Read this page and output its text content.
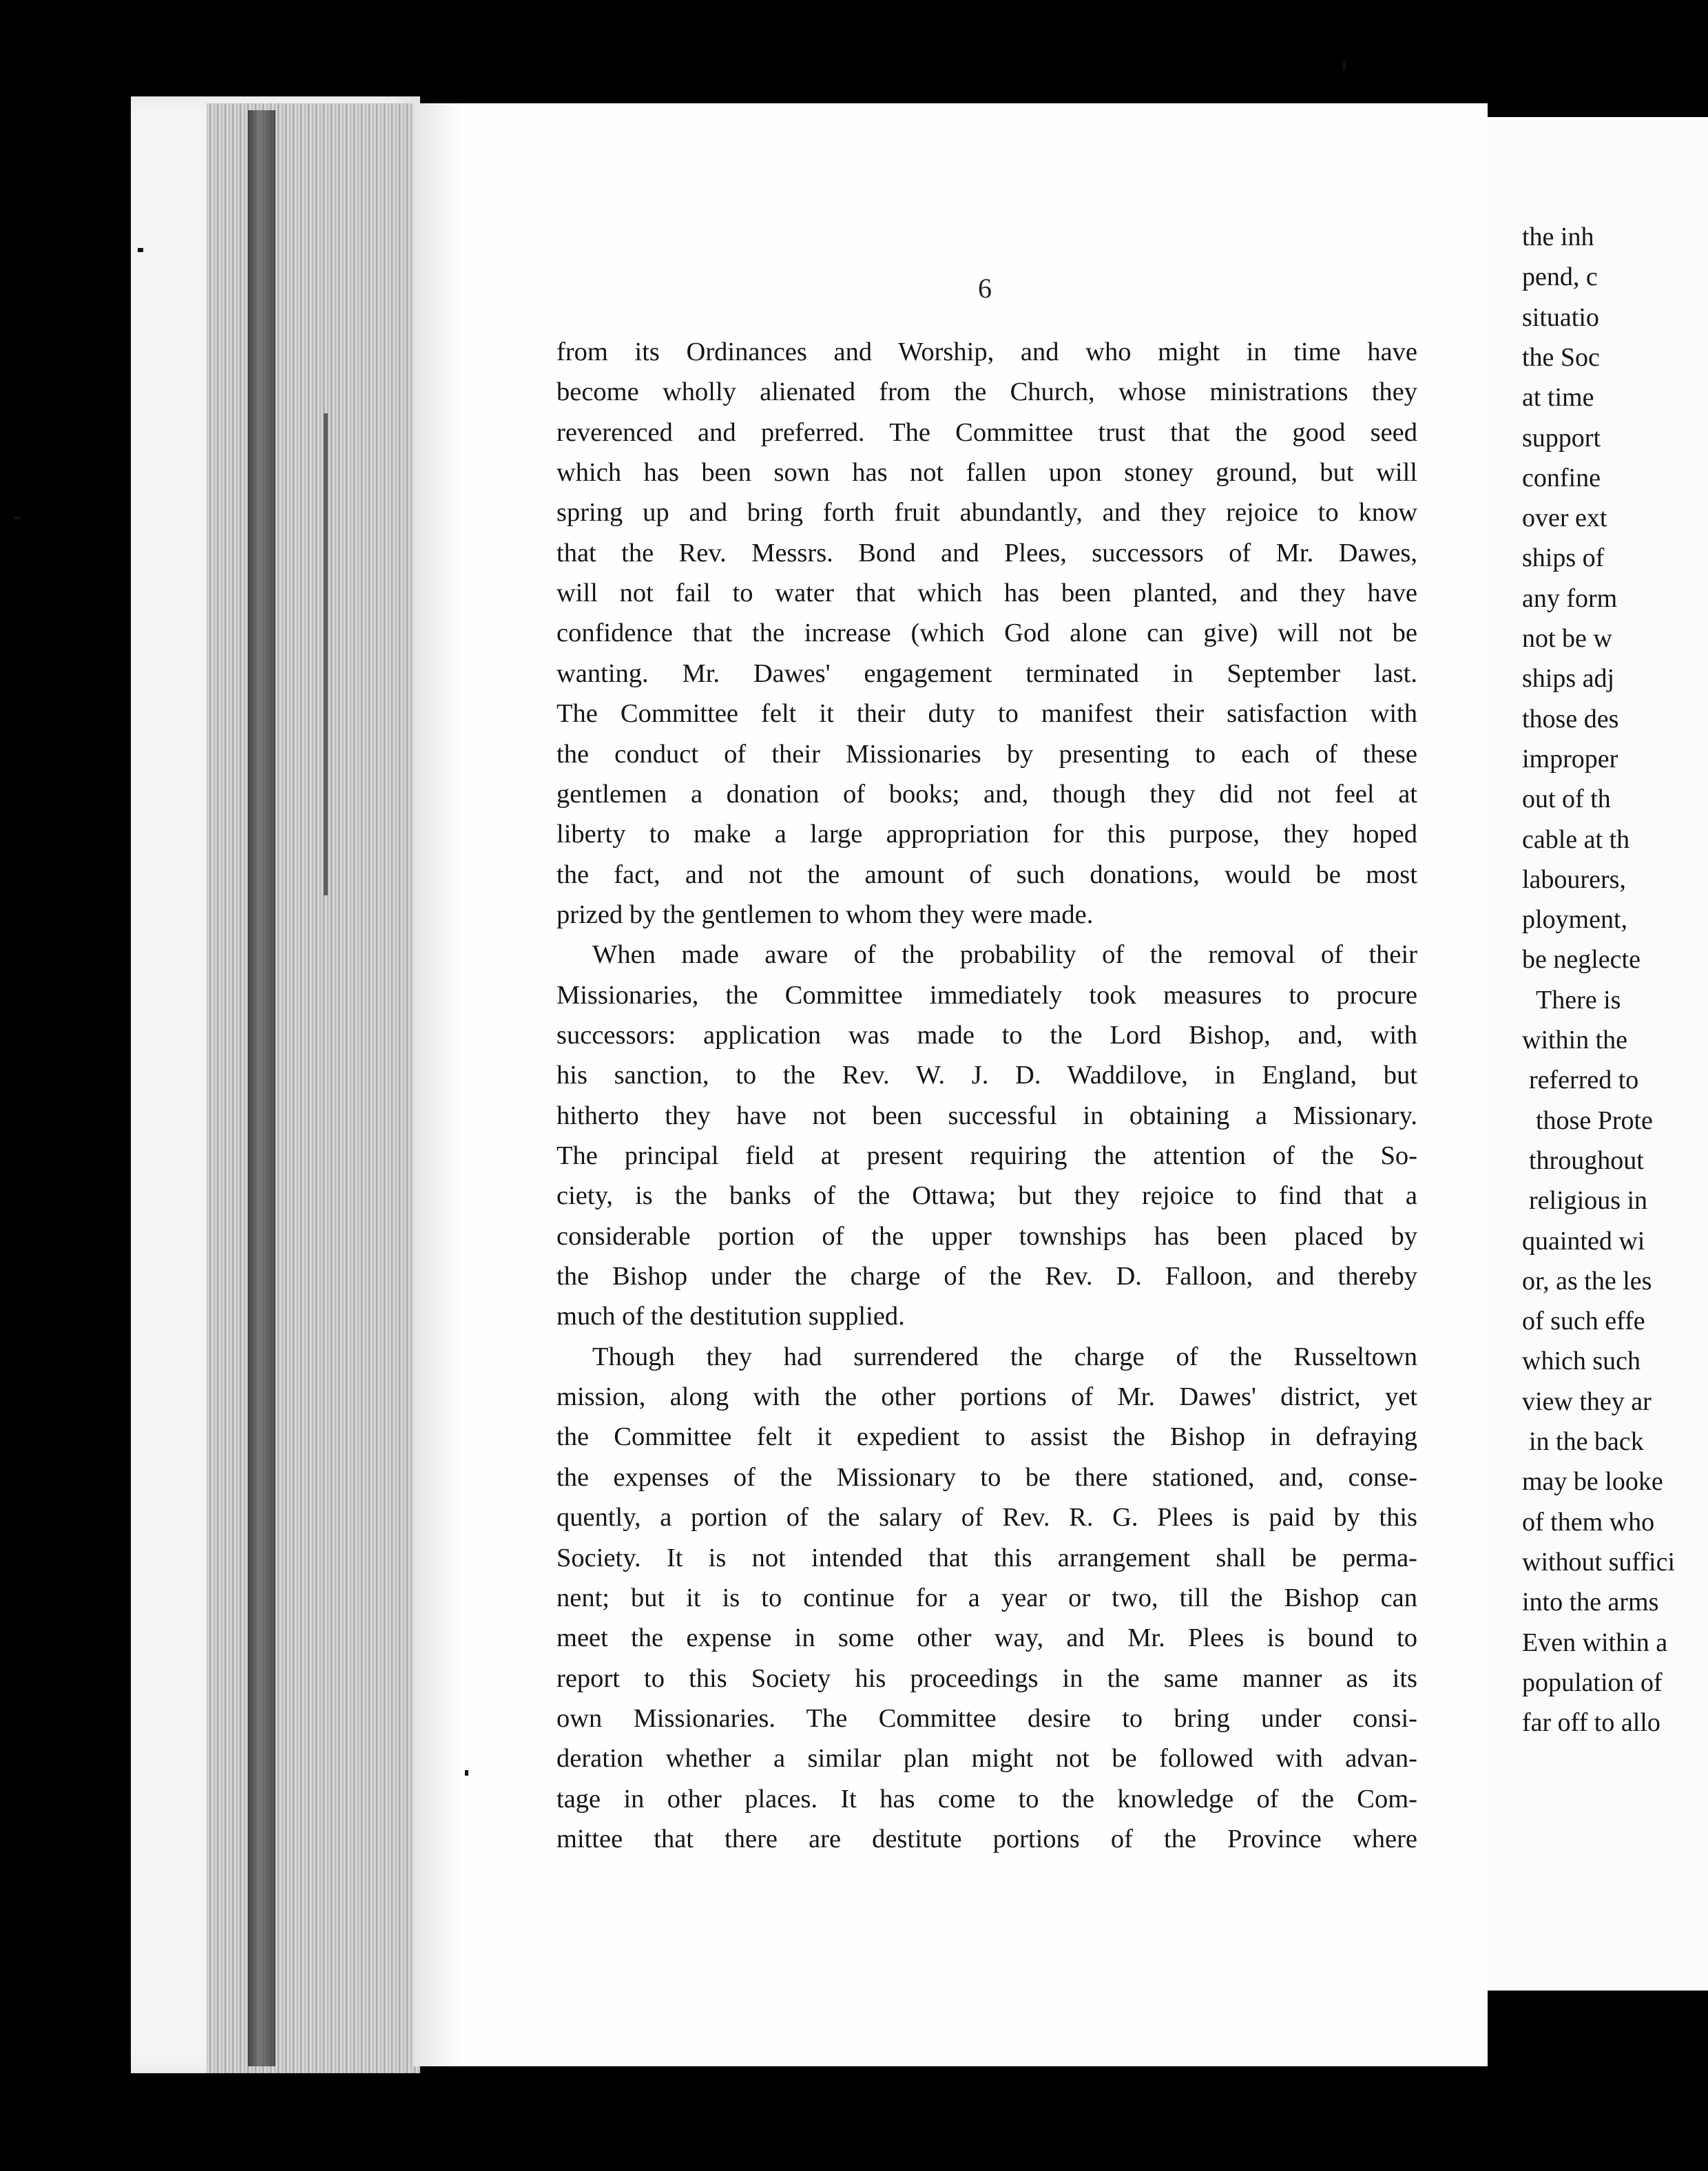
6

from its Ordinances and Worship, and who might in time have

become wholly alienated from the Church, whose ministrations they

reverenced and preferred. The Committee trust that the good seed

which has been sown has not fallen upon stoney ground, but will

spring up and bring forth fruit abundantly, and they rejoice to know

that the Rev. Messrs. Bond and Plees, successors of Mr. Dawes,

will not fail to water that which has been planted, and they have

confidence that the increase (which God alone can give) will not be

wanting. Mr. Dawes' engagement terminated in September last.

The Committee felt it their duty to manifest their satisfaction with

the conduct of their Missionaries by presenting to each of these

gentlemen a donation of books; and, though they did not feel at

liberty to make a large appropriation for this purpose, they hoped

the fact, and not the amount of such donations, would be most

prized by the gentlemen to whom they were made.

When made aware of the probability of the removal of their

Missionaries, the Committee immediately took measures to procure

successors: application was made to the Lord Bishop, and, with

his sanction, to the Rev. W. J. D. Waddilove, in England, but

hitherto they have not been successful in obtaining a Missionary.

The principal field at present requiring the attention of the So-

ciety, is the banks of the Ottawa; but they rejoice to find that a

considerable portion of the upper townships has been placed by

the Bishop under the charge of the Rev. D. Falloon, and thereby

much of the destitution supplied.

Though they had surrendered the charge of the Russeltown

mission, along with the other portions of Mr. Dawes' district, yet

the Committee felt it expedient to assist the Bishop in defraying

the expenses of the Missionary to be there stationed, and, conse-

quently, a portion of the salary of Rev. R. G. Plees is paid by this

Society. It is not intended that this arrangement shall be perma-

nent; but it is to continue for a year or two, till the Bishop can

meet the expense in some other way, and Mr. Plees is bound to

report to this Society his proceedings in the same manner as its

own Missionaries. The Committee desire to bring under consi-

deration whether a similar plan might not be followed with advan-

tage in other places. It has come to the knowledge of the Com-

mittee that there are destitute portions of the Province where

the inh

pend, c

situatio

the Soc

at time

support

confine

over ext

ships of

any form

not be w

ships adj

those des

improper

out of th

cable at th

labourers,

ployment,

be neglecte

There is

within the

referred to

those Prote

throughout

religious in

quainted wi

or, as the les

of such effe

which such

view they ar

in the back

may be looke

of them who

without suffici

into the arms

Even within a

population of

far off to allo
